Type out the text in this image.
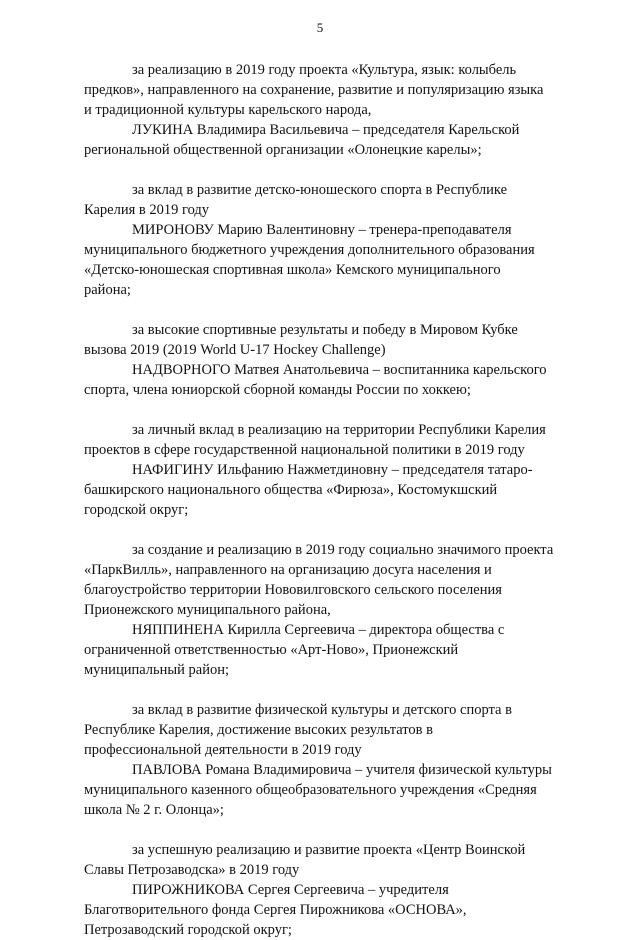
5

за реализацию в 2019 году проекта «Культура, язык: колыбель
предков», направленного на сохранение, развитие и популяризацию языка
и традиционной культуры карельского народа,

ЛУКИНА Владимира Васильевича – председателя Карельской
региональной общественной организации «Олонецкие карелы»;

за вклад в развитие детско-юношеского спорта в Республике
Карелия в 2019 году

МИРОНОВУ Марию Валентиновну – тренера-преподавателя
муниципального бюджетного учреждения дополнительного образования
«Детско-юношеская спортивная школа» Кемского муниципального
района;

за высокие спортивные результаты и победу в Мировом Кубке
вызова 2019 (2019 World U-17 Hockey Challenge)

НАДВОРНОГО Матвея Анатольевича – воспитанника карельского
спорта, члена юниорской сборной команды России по хоккею;

за личный вклад в реализацию на территории Республики Карелия
проектов в сфере государственной национальной политики в 2019 году

НАФИГИНУ Ильфанию Нажметдиновну – председателя татаро-
башкирского национального общества «Фирюза», Костомукшский
городской округ;

за создание и реализацию в 2019 году социально значимого проекта
«ПаркВилль», направленного на организацию досуга населения и
благоустройство территории Нововилговского сельского поселения
Прионежского муниципального района,

НЯППИНЕНА Кирилла Сергеевича – директора общества с
ограниченной ответственностью «Арт-Ново», Прионежский
муниципальный район;

за вклад в развитие физической культуры и детского спорта в
Республике Карелия, достижение высоких результатов в
профессиональной деятельности в 2019 году

ПАВЛОВА Романа Владимировича – учителя физической культуры
муниципального казенного общеобразовательного учреждения «Средняя
школа № 2 г. Олонца»;

за успешную реализацию и развитие проекта «Центр Воинской
Славы Петрозаводска» в 2019 году

ПИРОЖНИКОВА Сергея Сергеевича – учредителя
Благотворительного фонда Сергея Пирожникова «ОСНОВА»,
Петрозаводский городской округ;
